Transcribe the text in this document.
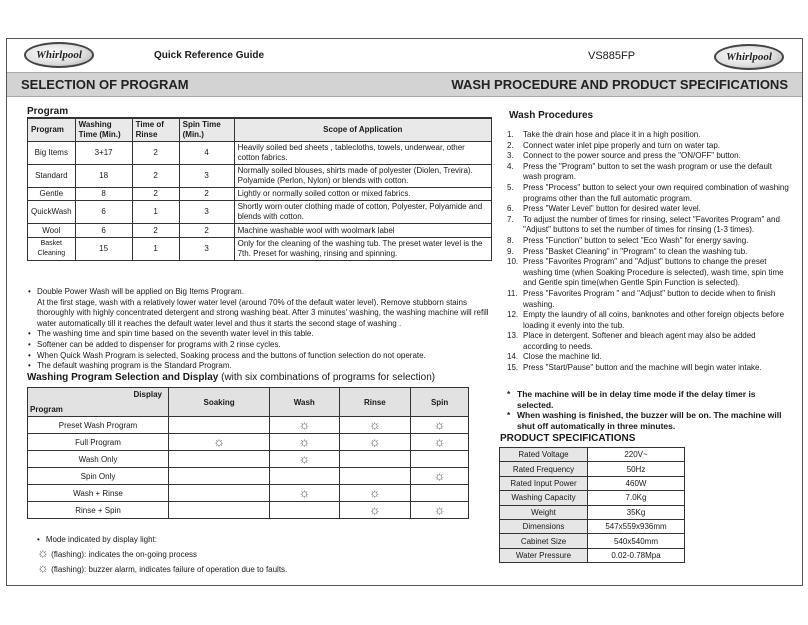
Whirlpool	Whirlpool
Quick Reference Guide	VS885FP
SELECTION OF PROGRAM	WASH PROCEDURE AND PRODUCT SPECIFICATIONS
Program
Program	Washing Time (Min.)	Time of Rinse	Spin Time (Min.)	Scope of Application
Big Items	3+17	2	4	Heavily soiled bed sheets , tablecloths, towels, underwear, other cotton fabrics.
Standard	18	2	3	Normally soiled blouses, shirts made of polyester (Diolen, Trevira). Polyamide (Perlon, Nylon) or blends with cotton.
Gentle	8	2	2	Lightly or normally soiled cotton or mixed fabrics.
QuickWash	6	1	3	Shortly worn outer clothing made of cotton, Polyester, Polyamide and blends with cotton.
Wool	6	2	2	Machine washable wool with woolmark label
Basket Cleaning	15	1	3	Only for the cleaning of the washing tub. The preset water level is the 7th. Preset for washing, rinsing and spinning.
• Double Power Wash will be applied on Big Items Program.
At the first stage, wash with a relatively lower water level (around 70% of the default water level). Remove stubborn stains thoroughly with highly concentrated detergent and strong washing beat. After 3 minutes' washing, the washing machine will refill water automatically till it reaches the default water level and thus it starts the second stage of washing .
• The washing time and spin time based on the seventh water level in this table.
• Softener can be added to dispenser for programs with 2 rinse cycles.
• When Quick Wash Program is selected, Soaking process and the buttons of function selection do not operate.
• The default washing program is the Standard Program.
Washing Program Selection and Display (with six combinations of programs for selection)
Display
Program	Soaking	Wash	Rinse	Spin
Preset Wash Program		☼	☼	☼
Full Program	☼	☼	☼	☼
Wash Only		☼		
Spin Only				☼
Wash + Rinse		☼	☼	
Rinse + Spin			☼	☼
• Mode indicated by display light:
☼ (flashing): indicates the on-going process
☼ (flashing): buzzer alarm, indicates failure of operation due to faults.
Wash Procedures
1. Take the drain hose and place it in a high position.
2. Connect water inlet pipe properly and turn on water tap.
3. Connect to the power source and press the "ON/OFF" button.
4. Press the "Program" button to set the wash program or use the default wash program.
5. Press "Process" button to select your own required combination of washing programs other than the full automatic program.
6. Press "Water Level" button for desired water level.
7. To adjust the number of times for rinsing, select "Favorites Program" and "Adjust" buttons to set the number of times for rinsing (1-3 times).
8. Press "Function" button to select "Eco Wash" for energy saving.
9. Press "Basket Cleaning" in "Program" to clean the washing tub.
10. Press "Favorites Program" and "Adjust" buttons to change the preset washing time (when Soaking Procedure is selected), wash time, spin time and Gentle spin time(when Gentle Spin Function is selected).
11. Press "Favorites Program " and "Adjust" button to decide when to finish washing.
12. Empty the laundry of all coins, banknotes and other foreign objects before loading it evenly into the tub.
13. Place in detergent. Softener and bleach agent may also be added according to needs.
14. Close the machine lid.
15. Press "Start/Pause" button and the machine will begin water intake.
* The machine will be in delay time mode if the delay timer is selected.
* When washing is finished, the buzzer will be on. The machine will shut off automatically in three minutes.
PRODUCT SPECIFICATIONS
Rated Voltage	220V~
Rated Frequency	50Hz
Rated Input Power	460W
Washing Capacity	7.0Kg
Weight	35Kg
Dimensions	547x559x936mm
Cabinet Size	540x540mm
Water Pressure	0.02-0.78Mpa
